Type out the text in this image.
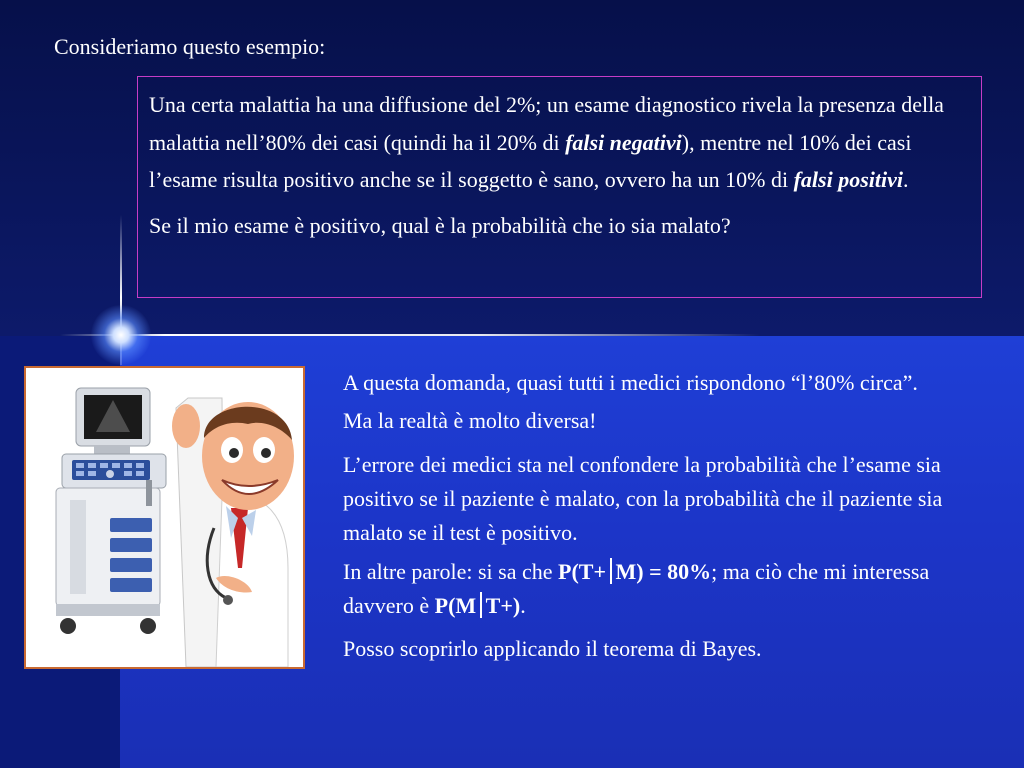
Consideriamo questo esempio:

Una certa malattia ha una diffusione del 2%; un esame diagnostico rivela la presenza della malattia nell’80% dei casi (quindi ha il 20% di falsi negativi), mentre nel 10% dei casi l’esame risulta positivo anche se il soggetto è sano, ovvero ha un 10% di falsi positivi.

Se il mio esame è positivo, qual è la probabilità che io sia malato?

A questa domanda, quasi tutti i medici rispondono “l’80% circa”.

Ma la realtà è molto diversa!

L’errore dei medici sta nel confondere la probabilità che l’esame sia positivo se il paziente è malato, con la probabilità che il paziente sia malato se il test è positivo.

In altre parole: si sa che P(T+ M) = 80%; ma ciò che mi interessa davvero è P(M T+).

Posso scoprirlo applicando il teorema di Bayes.
